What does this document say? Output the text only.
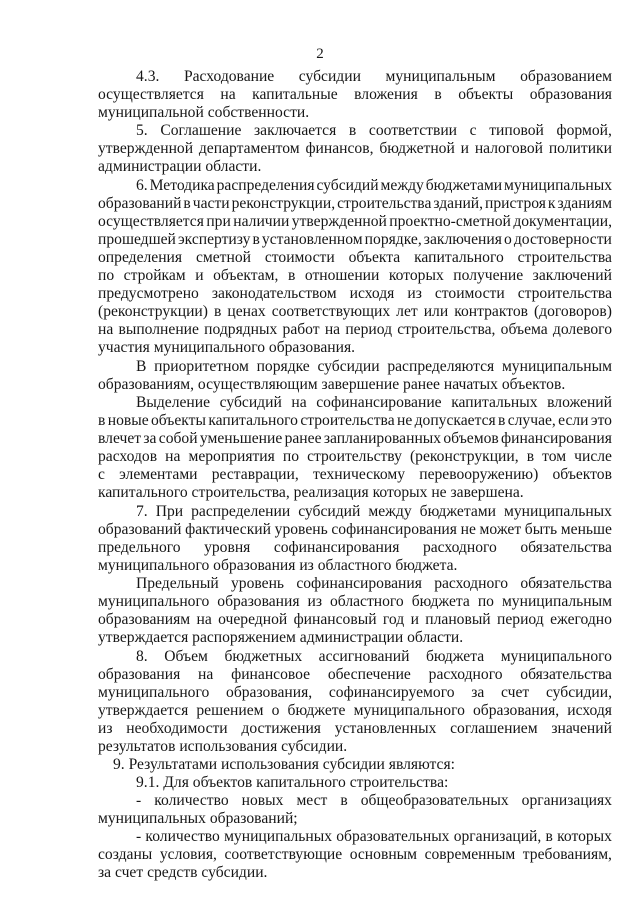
2
4.3. Расходование субсидии муниципальным образованием
осуществляется на капитальные вложения в объекты образования
муниципальной собственности.
5. Соглашение заключается в соответствии с типовой формой,
утвержденной департаментом финансов, бюджетной и налоговой политики
администрации области.
6. Методика распределения субсидий между бюджетами муниципальных
образований в части реконструкции, строительства зданий, пристроя к зданиям
осуществляется при наличии утвержденной проектно-сметной документации,
прошедшей экспертизу в установленном порядке, заключения о достоверности
определения сметной стоимости объекта капитального строительства
по стройкам и объектам, в отношении которых получение заключений
предусмотрено законодательством исходя из стоимости строительства
(реконструкции) в ценах соответствующих лет или контрактов (договоров)
на выполнение подрядных работ на период строительства, объема долевого
участия муниципального образования.
В приоритетном порядке субсидии распределяются муниципальным
образованиям, осуществляющим завершение ранее начатых объектов.
Выделение субсидий на софинансирование капитальных вложений
в новые объекты капитального строительства не допускается в случае, если это
влечет за собой уменьшение ранее запланированных объемов финансирования
расходов на мероприятия по строительству (реконструкции, в том числе
с элементами реставрации, техническому перевооружению) объектов
капитального строительства, реализация которых не завершена.
7. При распределении субсидий между бюджетами муниципальных
образований фактический уровень софинансирования не может быть меньше
предельного уровня софинансирования расходного обязательства
муниципального образования из областного бюджета.
Предельный уровень софинансирования расходного обязательства
муниципального образования из областного бюджета по муниципальным
образованиям на очередной финансовый год и плановый период ежегодно
утверждается распоряжением администрации области.
8. Объем бюджетных ассигнований бюджета муниципального
образования на финансовое обеспечение расходного обязательства
муниципального образования, софинансируемого за счет субсидии,
утверждается решением о бюджете муниципального образования, исходя
из необходимости достижения установленных соглашением значений
результатов использования субсидии.
9. Результатами использования субсидии являются:
9.1. Для объектов капитального строительства:
- количество новых мест в общеобразовательных организациях
муниципальных образований;
- количество муниципальных образовательных организаций, в которых
созданы условия, соответствующие основным современным требованиям,
за счет средств субсидии.
